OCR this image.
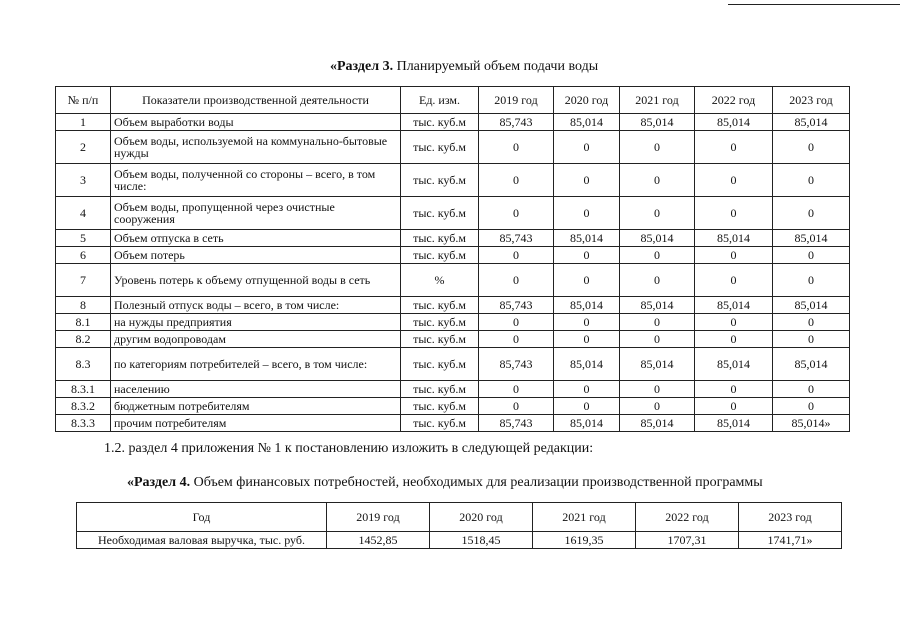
«Раздел 3. Планируемый объем подачи воды
№ п/п	Показатели производственной деятельности	Ед. изм.	2019 год	2020 год	2021 год	2022 год	2023 год
1	Объем выработки воды	тыс. куб.м	85,743	85,014	85,014	85,014	85,014
2	Объем воды, используемой на коммунально-бытовые нужды	тыс. куб.м	0	0	0	0	0
3	Объем воды, полученной со стороны – всего, в том числе:	тыс. куб.м	0	0	0	0	0
4	Объем воды, пропущенной через очистные сооружения	тыс. куб.м	0	0	0	0	0
5	Объем отпуска в сеть	тыс. куб.м	85,743	85,014	85,014	85,014	85,014
6	Объем потерь	тыс. куб.м	0	0	0	0	0
7	Уровень потерь к объему отпущенной воды в сеть	%	0	0	0	0	0
8	Полезный отпуск воды – всего, в том числе:	тыс. куб.м	85,743	85,014	85,014	85,014	85,014
8.1	на нужды предприятия	тыс. куб.м	0	0	0	0	0
8.2	другим водопроводам	тыс. куб.м	0	0	0	0	0
8.3	по категориям потребителей – всего, в том числе:	тыс. куб.м	85,743	85,014	85,014	85,014	85,014
8.3.1	населению	тыс. куб.м	0	0	0	0	0
8.3.2	бюджетным потребителям	тыс. куб.м	0	0	0	0	0
8.3.3	прочим потребителям	тыс. куб.м	85,743	85,014	85,014	85,014	85,014»
1.2. раздел 4 приложения № 1 к постановлению изложить в следующей редакции:
«Раздел 4. Объем финансовых потребностей, необходимых для реализации производственной программы
Год	2019 год	2020 год	2021 год	2022 год	2023 год
Необходимая валовая выручка, тыс. руб.	1452,85	1518,45	1619,35	1707,31	1741,71»
